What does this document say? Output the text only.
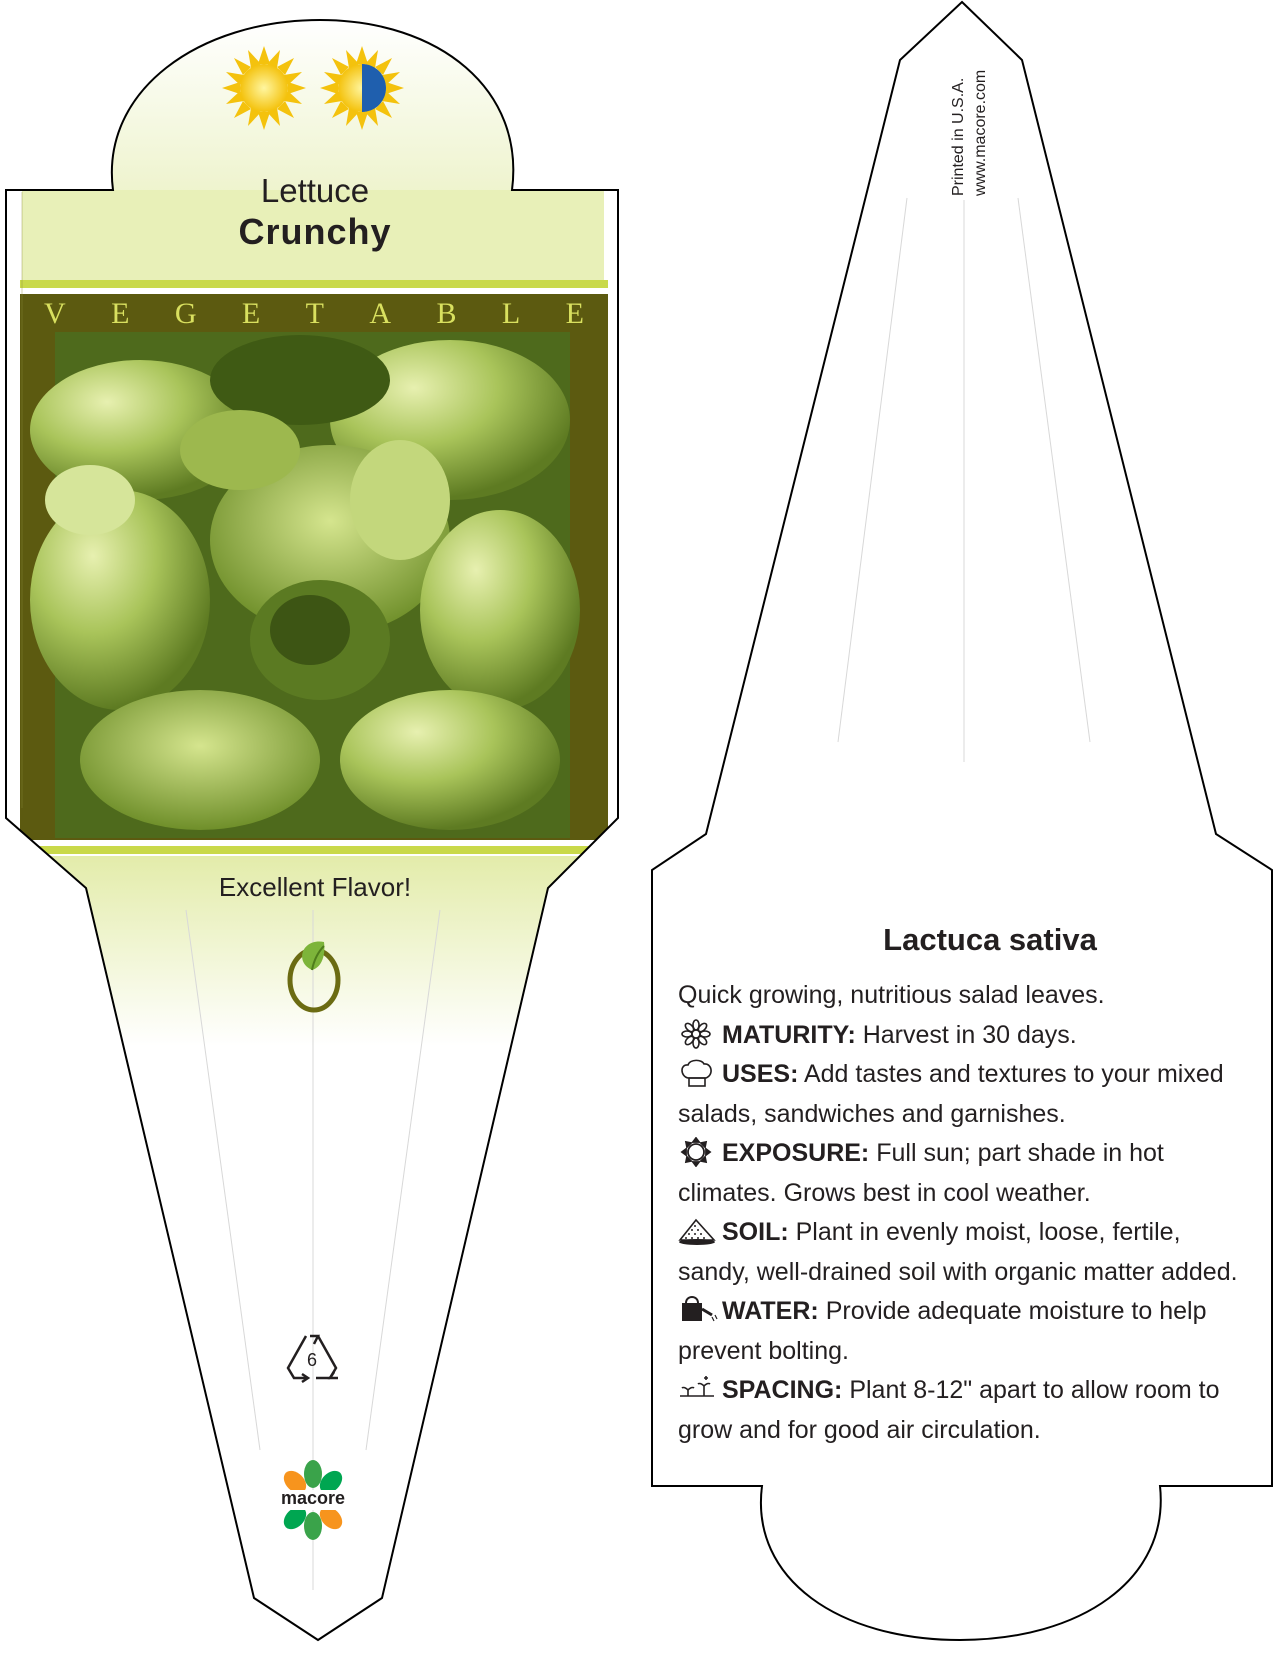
Lettuce
Crunchy
V E G E T A B L E
Excellent Flavor!
6
macore
Printed in U.S.A. www.macore.com
Lactuca sativa

Quick growing, nutritious salad leaves.

MATURITY: Harvest in 30 days.

USES: Add tastes and textures to your mixed salads, sandwiches and garnishes.

EXPOSURE: Full sun; part shade in hot climates. Grows best in cool weather.

SOIL: Plant in evenly moist, loose, fertile, sandy, well-drained soil with organic matter added.

WATER: Provide adequate moisture to help prevent bolting.

SPACING: Plant 8-12" apart to allow room to grow and for good air circulation.
